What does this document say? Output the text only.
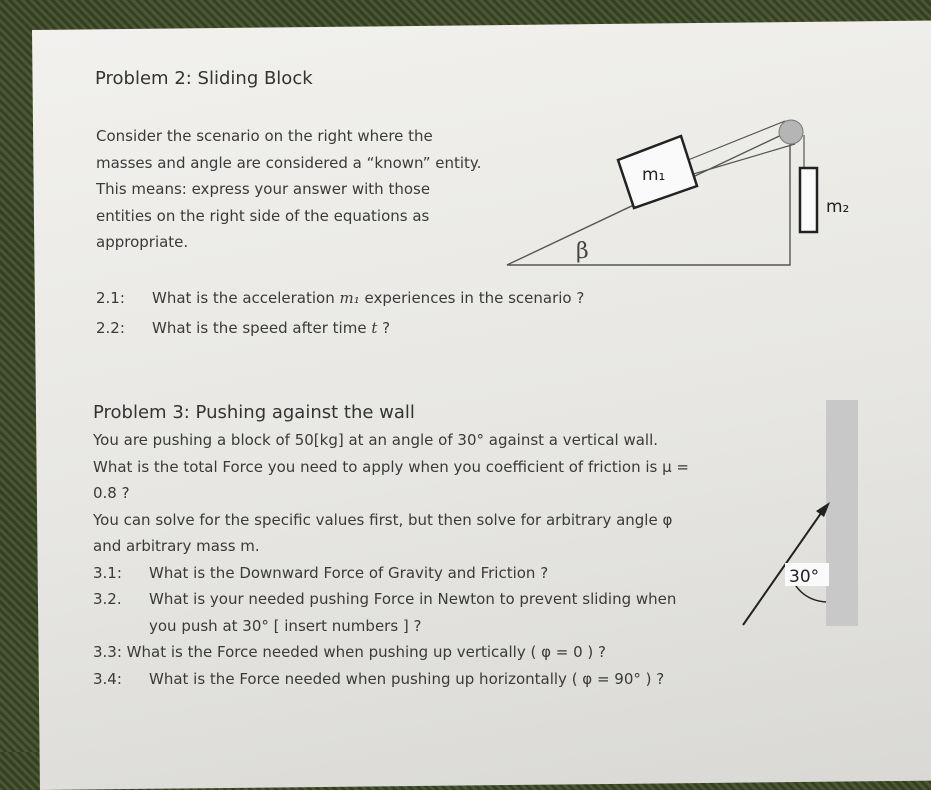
Problem 2: Sliding Block
Consider the scenario on the right where the
masses and angle are considered a “known” entity.
This means: express your answer with those
entities on the right side of the equations as
appropriate.
2.1: What is the acceleration m₁ experiences in the scenario ?
2.2: What is the speed after time t ?
m₁
m₂
β
Problem 3: Pushing against the wall
You are pushing a block of 50[kg] at an angle of 30° against a vertical wall.
What is the total Force you need to apply when you coefficient of friction is µ =
0.8 ?
You can solve for the specific values first, but then solve for arbitrary angle φ
and arbitrary mass m.
3.1: What is the Downward Force of Gravity and Friction ?
3.2. What is your needed pushing Force in Newton to prevent sliding when
you push at 30° [ insert numbers ] ?
3.3: What is the Force needed when pushing up vertically ( φ = 0 ) ?
3.4: What is the Force needed when pushing up horizontally ( φ = 90° ) ?
30°
